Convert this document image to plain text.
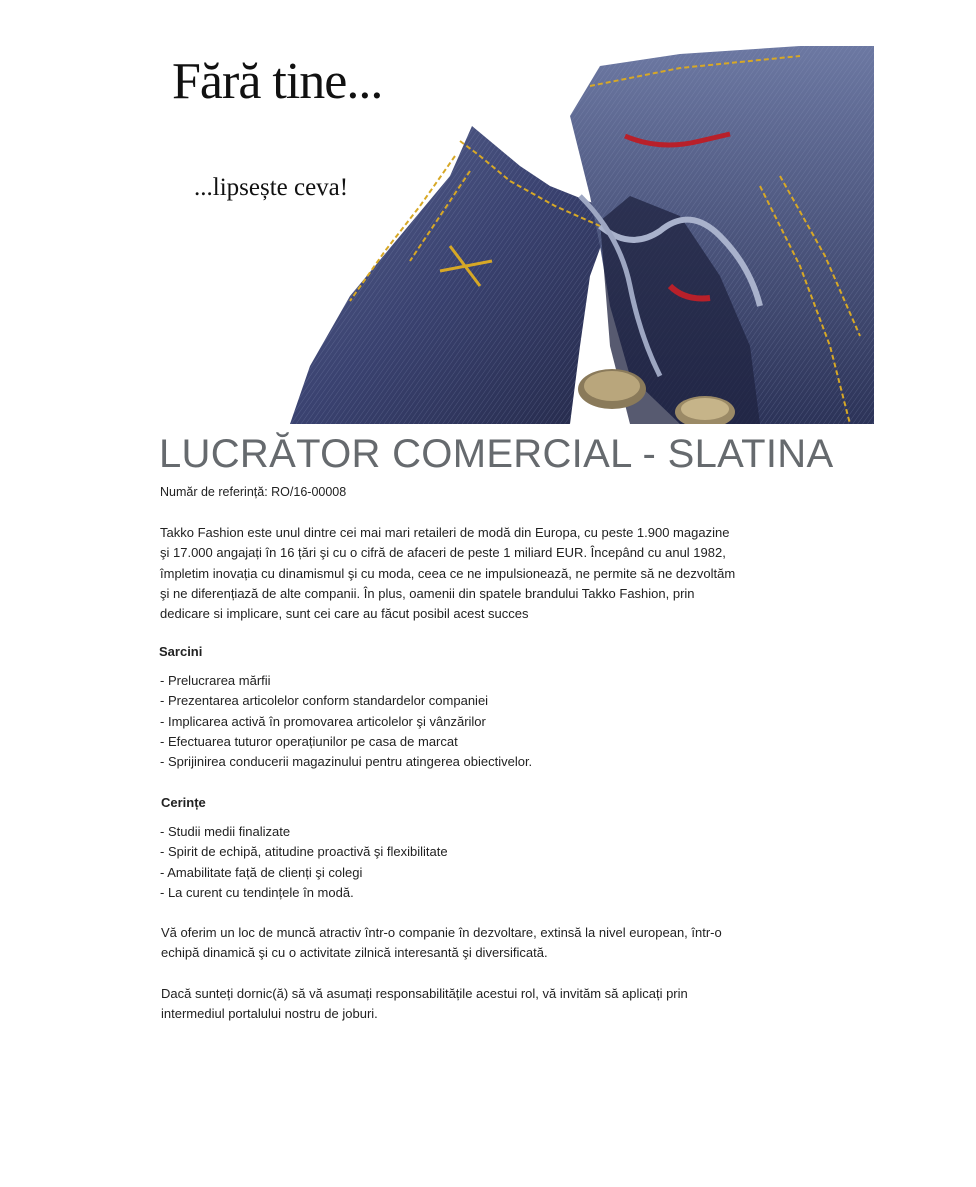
Fără tine...
...lipsește ceva!
LUCRĂTOR COMERCIAL - SLATINA
Număr de referință: RO/16-00008

Takko Fashion este unul dintre cei mai mari retaileri de modă din Europa, cu peste 1.900 magazine şi 17.000 angajați în 16 țări şi cu o cifră de afaceri de peste 1 miliard EUR. Începând cu anul 1982, împletim inovația cu dinamismul şi cu moda, ceea ce ne impulsionează, ne permite să ne dezvoltăm şi ne diferențiază de alte companii. În plus, oamenii din spatele brandului Takko Fashion, prin dedicare si implicare, sunt cei care au făcut posibil acest succes

Sarcini
- Prelucrarea mărfii
- Prezentarea articolelor conform standardelor companiei
- Implicarea activă în promovarea articolelor şi vânzărilor
- Efectuarea tuturor operațiunilor pe casa de marcat
- Sprijinirea conducerii magazinului pentru atingerea obiectivelor.
Cerințe
- Studii medii finalizate
- Spirit de echipă, atitudine proactivă şi flexibilitate
- Amabilitate față de clienți şi colegi
- La curent cu tendințele în modă.

Vă oferim un loc de muncă atractiv într-o companie în dezvoltare, extinsă la nivel european, într-o echipă dinamică şi cu o activitate zilnică interesantă şi diversificată.

Dacă sunteți dornic(ă) să vă asumați responsabilitățile acestui rol, vă invităm să aplicați prin intermediul portalului nostru de joburi.
